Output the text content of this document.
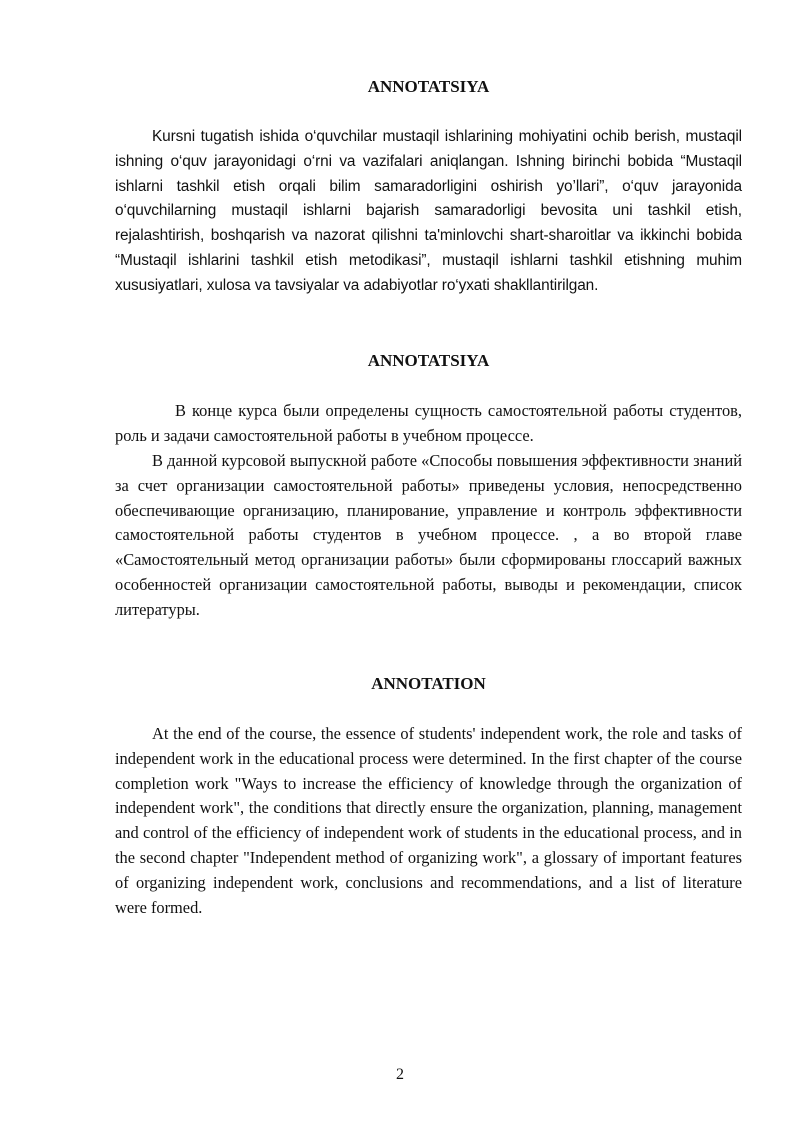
ANNOTATSIYA

Kursni tugatish ishida o‘quvchilar mustaqil ishlarining mohiyatini ochib berish, mustaqil ishning o‘quv jarayonidagi o‘rni va vazifalari aniqlangan. Ishning birinchi bobida “Mustaqil ishlarni tashkil etish orqali bilim samaradorligini oshirish yo’llari”, o‘quv jarayonida o‘quvchilarning mustaqil ishlarni bajarish samaradorligi bevosita uni tashkil etish, rejalashtirish, boshqarish va nazorat qilishni ta'minlovchi shart-sharoitlar va ikkinchi bobida “Mustaqil ishlarini tashkil etish metodikasi”, mustaqil ishlarni tashkil etishning muhim xususiyatlari, xulosa va tavsiyalar va adabiyotlar ro‘yxati shakllantirilgan.

ANNOTATSIYA

В конце курса были определены сущность самостоятельной работы студентов, роль и задачи самостоятельной работы в учебном процессе.

В данной курсовой выпускной работе «Способы повышения эффективности знаний за счет организации самостоятельной работы» приведены условия, непосредственно обеспечивающие организацию, планирование, управление и контроль эффективности самостоятельной работы студентов в учебном процессе. , а во второй главе «Самостоятельный метод организации работы» были сформированы глоссарий важных особенностей организации самостоятельной работы, выводы и рекомендации, список литературы.

ANNOTATION

At the end of the course, the essence of students' independent work, the role and tasks of independent work in the educational process were determined. In the first chapter of the course completion work "Ways to increase the efficiency of knowledge through the organization of independent work", the conditions that directly ensure the organization, planning, management and control of the efficiency of independent work of students in the educational process, and in the second chapter "Independent method of organizing work", a glossary of important features of organizing independent work, conclusions and recommendations, and a list of literature were formed.

2
